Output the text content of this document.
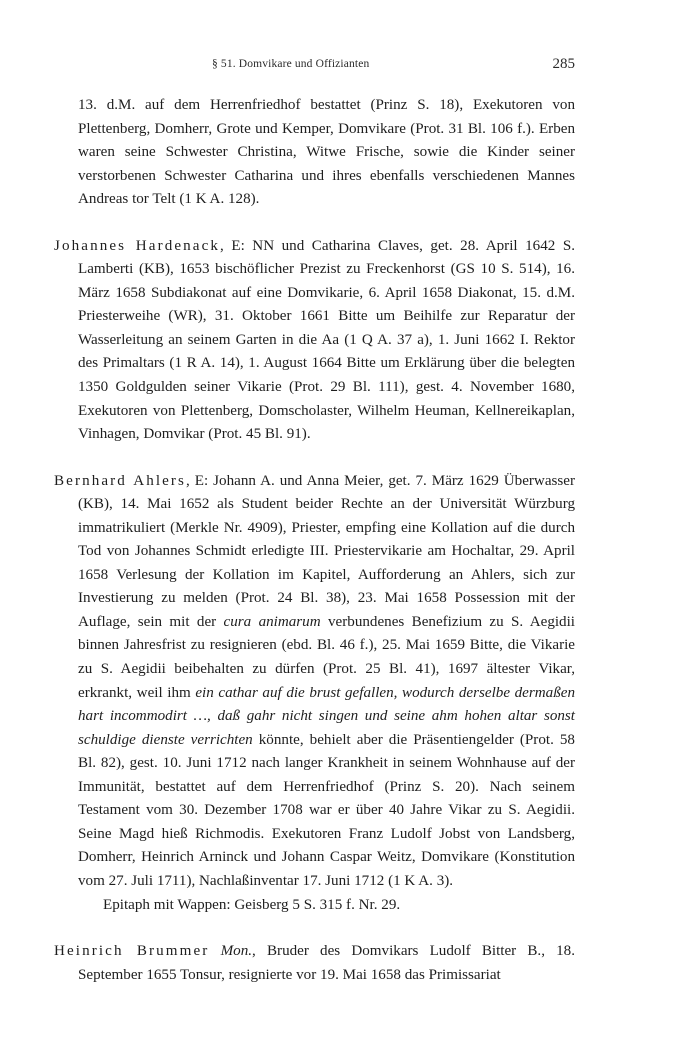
§ 51. Domvikare und Offizianten	285

13. d.M. auf dem Herrenfriedhof bestattet (Prinz S. 18), Exekutoren von Plettenberg, Domherr, Grote und Kemper, Domvikare (Prot. 31 Bl. 106 f.). Erben waren seine Schwester Christina, Witwe Frische, sowie die Kinder seiner verstorbenen Schwester Catharina und ihres ebenfalls verschiedenen Mannes Andreas tor Telt (1 K A. 128).

Johannes Hardenack, E: NN und Catharina Claves, get. 28. April 1642 S. Lamberti (KB), 1653 bischöflicher Prezist zu Freckenhorst (GS 10 S. 514), 16. März 1658 Subdiakonat auf eine Domvikarie, 6. April 1658 Diakonat, 15. d.M. Priesterweihe (WR), 31. Oktober 1661 Bitte um Beihilfe zur Reparatur der Wasserleitung an seinem Garten in die Aa (1 Q A. 37 a), 1. Juni 1662 I. Rektor des Primaltars (1 R A. 14), 1. August 1664 Bitte um Erklärung über die belegten 1350 Goldgulden seiner Vikarie (Prot. 29 Bl. 111), gest. 4. November 1680, Exekutoren von Plettenberg, Domscholaster, Wilhelm Heuman, Kellnereikaplan, Vinhagen, Domvikar (Prot. 45 Bl. 91).

Bernhard Ahlers, E: Johann A. und Anna Meier, get. 7. März 1629 Überwasser (KB), 14. Mai 1652 als Student beider Rechte an der Universität Würzburg immatrikuliert (Merkle Nr. 4909), Priester, empfing eine Kollation auf die durch Tod von Johannes Schmidt erledigte III. Priestervikarie am Hochaltar, 29. April 1658 Verlesung der Kollation im Kapitel, Aufforderung an Ahlers, sich zur Investierung zu melden (Prot. 24 Bl. 38), 23. Mai 1658 Possession mit der Auflage, sein mit der cura animarum verbundenes Benefizium zu S. Aegidii binnen Jahresfrist zu resignieren (ebd. Bl. 46 f.), 25. Mai 1659 Bitte, die Vikarie zu S. Aegidii beibehalten zu dürfen (Prot. 25 Bl. 41), 1697 ältester Vikar, erkrankt, weil ihm ein cathar auf die brust gefallen, wodurch derselbe dermaßen hart incommodirt …, daß gahr nicht singen und seine ahm hohen altar sonst schuldige dienste verrichten könnte, behielt aber die Präsentiengelder (Prot. 58 Bl. 82), gest. 10. Juni 1712 nach langer Krankheit in seinem Wohnhause auf der Immunität, bestattet auf dem Herrenfriedhof (Prinz S. 20). Nach seinem Testament vom 30. Dezember 1708 war er über 40 Jahre Vikar zu S. Aegidii. Seine Magd hieß Richmodis. Exekutoren Franz Ludolf Jobst von Landsberg, Domherr, Heinrich Arninck und Johann Caspar Weitz, Domvikare (Konstitution vom 27. Juli 1711), Nachlaßinventar 17. Juni 1712 (1 K A. 3).

Epitaph mit Wappen: Geisberg 5 S. 315 f. Nr. 29.

Heinrich Brummer Mon., Bruder des Domvikars Ludolf Bitter B., 18. September 1655 Tonsur, resignierte vor 19. Mai 1658 das Primissariat
